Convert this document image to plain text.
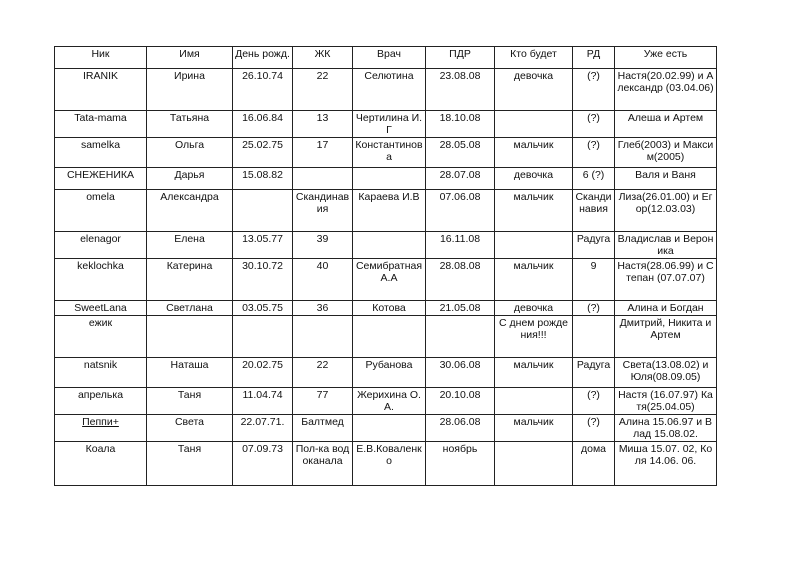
Ник	Имя	День рожд.	ЖК	Врач	ПДР	Кто будет	РД	Уже есть
IRANIK	Ирина	26.10.74	22	Селютина	23.08.08	девочка	(?)	Настя(20.02.99) и Александр (03.04.06)
Tata-mama	Татьяна	16.06.84	13	Чертилина И.Г	18.10.08		(?)	Алеша и Артем
samelka	Ольга	25.02.75	17	Константинова	28.05.08	мальчик	(?)	Глеб(2003) и Максим(2005)
СНЕЖЕНИКА	Дарья	15.08.82			28.07.08	девочка	6 (?)	Валя и Ваня
omela	Александра		Скандинавия	Караева И.В	07.06.08	мальчик	Скандинавия	Лиза(26.01.00) и Егор(12.03.03)
elenagor	Елена	13.05.77	39		16.11.08		Радуга	Владислав и Вероника
keklochka	Катерина	30.10.72	40	Семибратная А.А	28.08.08	мальчик	9	Настя(28.06.99) и Степан (07.07.07)
SweetLana	Светлана	03.05.75	36	Котова	21.05.08	девочка	(?)	Алина и Богдан
ежик						С днем рождения!!!		Дмитрий, Никита и Артем
natsnik	Наташа	20.02.75	22	Рубанова	30.06.08	мальчик	Радуга	Света(13.08.02) и Юля(08.09.05)
апрелька	Таня	11.04.74	77	Жерихина О.А.	20.10.08		(?)	Настя (16.07.97) Катя(25.04.05)
Пеппи+	Света	22.07.71.	Балтмед		28.06.08	мальчик	(?)	Алина 15.06.97 и Влад 15.08.02.
Коала	Таня	07.09.73	Пол-ка водоканала	Е.В.Коваленко	ноябрь		дома	Миша 15.07. 02, Коля 14.06. 06.
